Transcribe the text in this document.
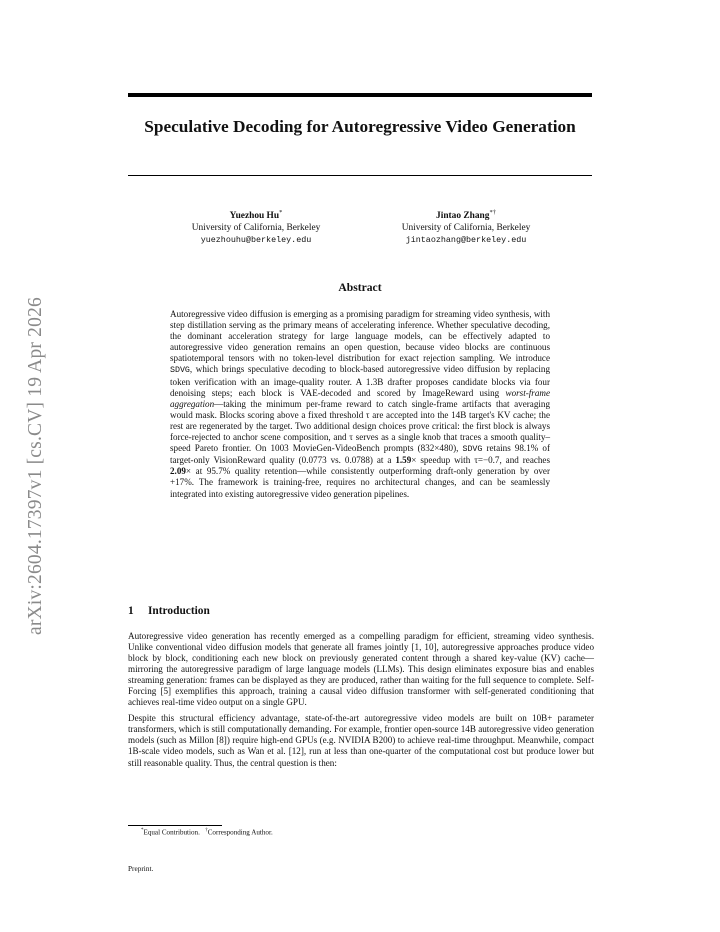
arXiv:2604.17397v1 [cs.CV] 19 Apr 2026
Speculative Decoding for Autoregressive Video Generation
Yuezhou Hu*
University of California, Berkeley
yuezhouhu@berkeley.edu
Jintao Zhang*†
University of California, Berkeley
jintaozhang@berkeley.edu
Abstract
Autoregressive video diffusion is emerging as a promising paradigm for streaming video synthesis, with step distillation serving as the primary means of accelerating inference. Whether speculative decoding, the dominant acceleration strategy for large language models, can be effectively adapted to autoregressive video generation remains an open question, because video blocks are continuous spatiotemporal tensors with no token-level distribution for exact rejection sampling. We introduce SDVG, which brings speculative decoding to block-based autoregressive video diffusion by replacing token verification with an image-quality router. A 1.3B drafter proposes candidate blocks via four denoising steps; each block is VAE-decoded and scored by ImageReward using worst-frame aggregation—taking the minimum per-frame reward to catch single-frame artifacts that averaging would mask. Blocks scoring above a fixed threshold τ are accepted into the 14B target's KV cache; the rest are regenerated by the target. Two additional design choices prove critical: the first block is always force-rejected to anchor scene composition, and τ serves as a single knob that traces a smooth quality–speed Pareto frontier. On 1003 MovieGen-VideoBench prompts (832×480), SDVG retains 98.1% of target-only VisionReward quality (0.0773 vs. 0.0788) at a 1.59× speedup with τ=−0.7, and reaches 2.09× at 95.7% quality retention—while consistently outperforming draft-only generation by over +17%. The framework is training-free, requires no architectural changes, and can be seamlessly integrated into existing autoregressive video generation pipelines.
1 Introduction

Autoregressive video generation has recently emerged as a compelling paradigm for efficient, streaming video synthesis. Unlike conventional video diffusion models that generate all frames jointly [1, 10], autoregressive approaches produce video block by block, conditioning each new block on previously generated content through a shared key-value (KV) cache—mirroring the autoregressive paradigm of large language models (LLMs). This design eliminates exposure bias and enables streaming generation: frames can be displayed as they are produced, rather than waiting for the full sequence to complete. Self-Forcing [5] exemplifies this approach, training a causal video diffusion transformer with self-generated conditioning that achieves real-time video output on a single GPU.

Despite this structural efficiency advantage, state-of-the-art autoregressive video models are built on 10B+ parameter transformers, which is still computationally demanding. For example, frontier open-source 14B autoregressive video generation models (such as Millon [8]) require high-end GPUs (e.g. NVIDIA B200) to achieve real-time throughput. Meanwhile, compact 1B-scale video models, such as Wan et al. [12], run at less than one-quarter of the computational cost but produce lower but still reasonable quality. Thus, the central question is then:

*Equal Contribution. †Corresponding Author.
Preprint.
